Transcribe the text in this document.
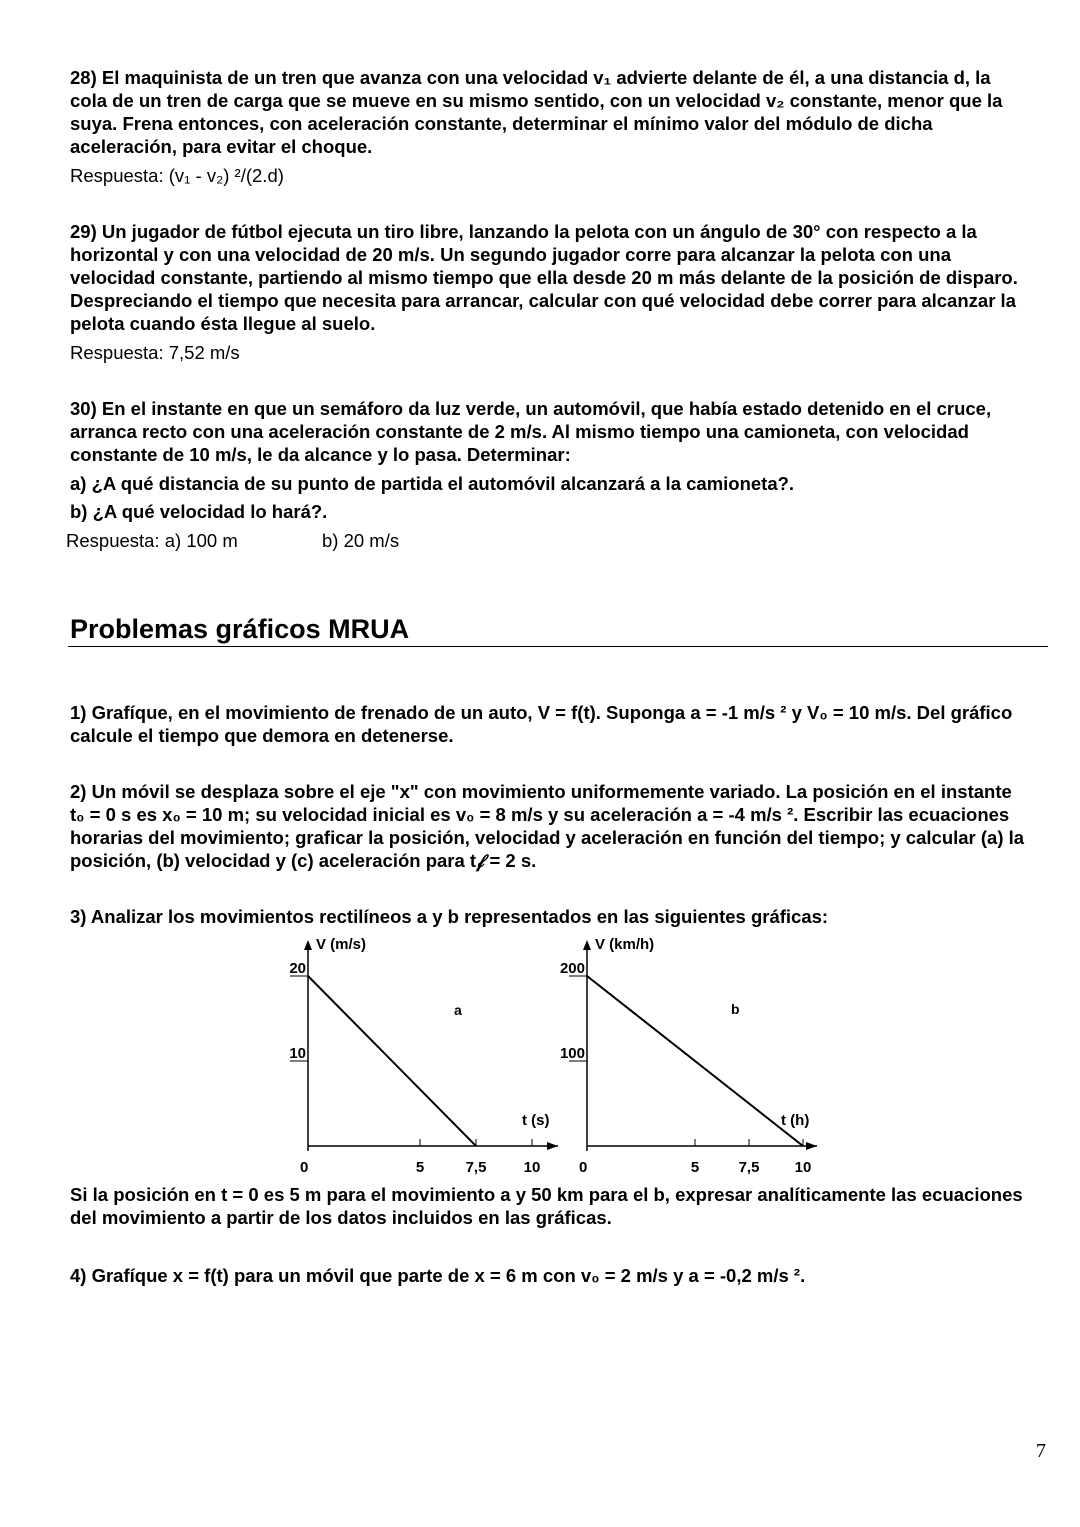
28) El maquinista de un tren que avanza con una velocidad v₁ advierte delante de él, a una distancia d, la cola de un tren de carga que se mueve en su mismo sentido, con un velocidad v₂ constante, menor que la suya. Frena entonces, con aceleración constante, determinar el mínimo valor del módulo de dicha aceleración, para evitar el choque.
Respuesta: (v₁ - v₂) ²/(2.d)
29) Un jugador de fútbol ejecuta un tiro libre, lanzando la pelota con un ángulo de 30° con respecto a la horizontal y con una velocidad de 20 m/s. Un segundo jugador corre para alcanzar la pelota con una velocidad constante, partiendo al mismo tiempo que ella desde 20 m más delante de la posición de disparo. Despreciando el tiempo que necesita para arrancar, calcular con qué velocidad debe correr para alcanzar la pelota cuando ésta llegue al suelo.
Respuesta: 7,52 m/s
30) En el instante en que un semáforo da luz verde, un automóvil, que había estado detenido en el cruce, arranca recto con una aceleración constante de 2 m/s. Al mismo tiempo una camioneta, con velocidad constante de 10 m/s, le da alcance y lo pasa. Determinar:
a) ¿A qué distancia de su punto de partida el automóvil alcanzará a la camioneta?.
b) ¿A qué velocidad lo hará?.
Respuesta: a) 100 m	b) 20 m/s
Problemas gráficos MRUA
1) Grafíque, en el movimiento de frenado de un auto, V = f(t). Suponga a = -1 m/s ² y V₀ = 10 m/s. Del gráfico calcule el tiempo que demora en detenerse.
2) Un móvil se desplaza sobre el eje "x" con movimiento uniformemente variado. La posición en el instante t₀ = 0 s es x₀ = 10 m; su velocidad inicial es v₀ = 8 m/s y su aceleración a = -4 m/s ². Escribir las ecuaciones horarias del movimiento; graficar la posición, velocidad y aceleración en función del tiempo; y calcular (a) la posición, (b) velocidad y (c) aceleración para t𝒻 = 2 s.
3) Analizar los movimientos rectilíneos a y b representados en las siguientes gráficas:
V (m/s)
t (s)
0	5	7,5 10
20
10
a
V (km/h)
t (h)
0	5	7,5 10
200
100
b
Si la posición en t = 0 es 5 m para el movimiento a y 50 km para el b, expresar analíticamente las ecuaciones del movimiento a partir de los datos incluidos en las gráficas.
4) Grafíque x = f(t) para un móvil que parte de x = 6 m con v₀ = 2 m/s y a = -0,2 m/s ².
7
